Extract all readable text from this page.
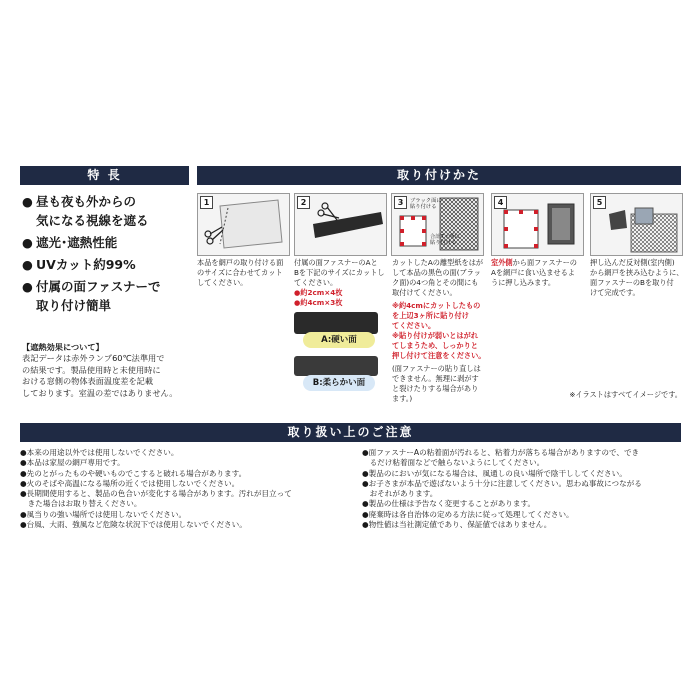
特 長
● 昼も夜も外からの
気になる視線を遮る
● 遮光･遮熱性能
● UVカット約99%
● 付属の面ファスナーで
取り付け簡単
【遮熱効果について】
表記データは赤外ランプ60℃法準用で
の結果です。製品使用時と未使用時に
おける窓側の物体表面温度差を記載
しております。室温の差ではありません。
取り付けかた
1
本品を網戸の取り付ける面
のサイズに合わせてカット
してください。
2
付属の面ファスナーのAと
Bを下記のサイズにカットし
てください。
●約2cm×4枚
●約4cm×3枚
A:硬い面
B:柔らかい面
3	ブラック面に
貼り付ける
合計7ヶ所に
貼り付ける
カットしたAの離型紙をはが
して本品の黒色の面(ブラッ
ク面)の4つ角とその間にも
取付けてください。
※約4cmにカットしたもの
を上辺3ヶ所に貼り付け
てください。
※貼り付けが弱いとはがれ
てしまうため、しっかりと
押し付けて注意をください。
(面ファスナーの貼り直しは
できません。無理に剥がす
と裂けたりする場合があり
ます。)
4
室外側から面ファスナーの
Aを網戸に食い込ませるよ
うに押し込みます。
5
押し込んだ反対側(室内側)
から網戸を挟み込むように、
面ファスナーのBを取り付
けて完成です。
※イラストはすべてイメージです。
取り扱い上のご注意
●本来の用途以外では使用しないでください。
●本品は家屋の網戸専用です。
●先のとがったものや硬いものでこすると破れる場合があります。
●火のそばや高温になる場所の近くでは使用しないでください。
●長期間使用すると、製品の色合いが変化する場合があります。汚れが目立って
　きた場合はお取り替えください。
●風当りの強い場所では使用しないでください。
●台風、大雨、強風など危険な状況下では使用しないでください。
●面ファスナーAの粘着面が汚れると、粘着力が落ちる場合がありますので、でき
　るだけ粘着面などで触らないようにしてください。
●製品のにおいが気になる場合は、風通しの良い場所で陰干ししてください。
●お子さまが本品で遊ばないよう十分に注意してください。思わぬ事故につながる
　おそれがあります。
●製品の仕様は予告なく変更することがあります。
●廃棄時は各自治体の定める方法に従って処理してください。
●物性値は当社測定値であり、保証値ではありません。
